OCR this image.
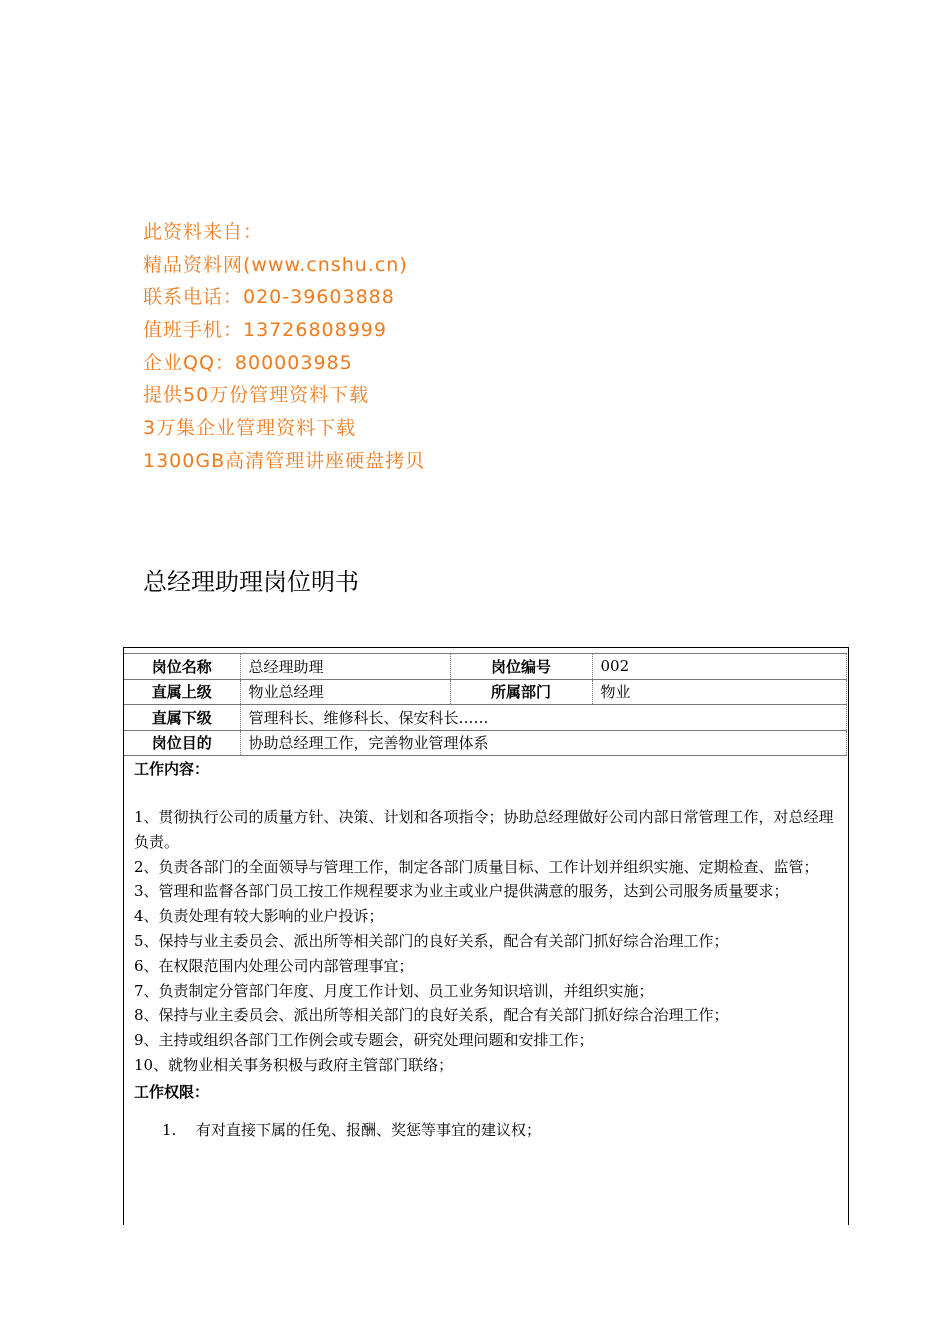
此资料来自：
精品资料网(www.cnshu.cn)
联系电话：020-39603888
值班手机：13726808999
企业QQ：800003985
提供50万份管理资料下载
3万集企业管理资料下载
1300GB高清管理讲座硬盘拷贝
总经理助理岗位明书
岗位名称	总经理助理	岗位编号	002
直属上级	物业总经理	所属部门	物业
直属下级	管理科长、维修科长、保安科长……		
岗位目的	协助总经理工作，完善物业管理体系		
工作内容：
1、贯彻执行公司的质量方针、决策、计划和各项指令；协助总经理做好公司内部日常管理工作，对总经理负责。
2、负责各部门的全面领导与管理工作，制定各部门质量目标、工作计划并组织实施、定期检查、监管；
3、管理和监督各部门员工按工作规程要求为业主或业户提供满意的服务，达到公司服务质量要求；
4、负责处理有较大影响的业户投诉；
5、保持与业主委员会、派出所等相关部门的良好关系，配合有关部门抓好综合治理工作；
6、在权限范围内处理公司内部管理事宜；
7、负责制定分管部门年度、月度工作计划、员工业务知识培训，并组织实施；
8、保持与业主委员会、派出所等相关部门的良好关系，配合有关部门抓好综合治理工作；
9、主持或组织各部门工作例会或专题会，研究处理问题和安排工作；
10、就物业相关事务积极与政府主管部门联络；
工作权限：
1. 有对直接下属的任免、报酬、奖惩等事宜的建议权；
